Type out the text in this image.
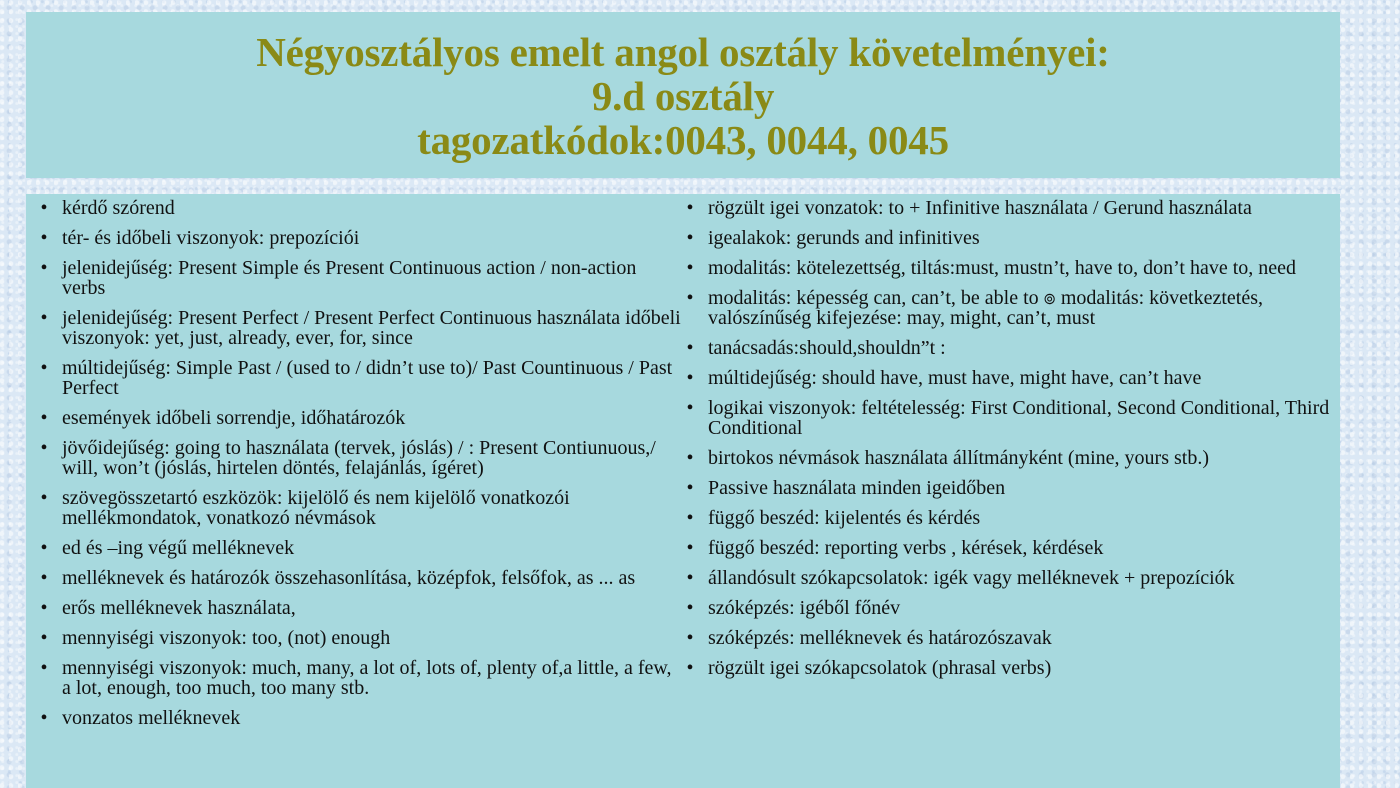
Négyosztályos emelt angol osztály követelményei:
9.d osztály
tagozatkódok:0043, 0044, 0045
• kérdő szórend
• tér- és időbeli viszonyok: prepozíciói
• jelenidejűség: Present Simple és Present Continuous action / non-action verbs
• jelenidejűség: Present Perfect / Present Perfect Continuous használata időbeli viszonyok: yet, just, already, ever, for, since
• múltidejűség: Simple Past / (used to / didn’t use to)/ Past Countinuous / Past Perfect
• események időbeli sorrendje, időhatározók
• jövőidejűség: going to használata (tervek, jóslás) / : Present Contiunuous,/ will, won’t (jóslás, hirtelen döntés, felajánlás, ígéret)
• szövegösszetartó eszközök: kijelölő és nem kijelölő vonatkozói mellékmondatok, vonatkozó névmások
• ed és –ing végű melléknevek
• melléknevek és határozók összehasonlítása, középfok, felsőfok, as ... as
• erős melléknevek használata,
• mennyiségi viszonyok: too, (not) enough
• mennyiségi viszonyok: much, many, a lot of, lots of, plenty of,a little, a few, a lot, enough, too much, too many stb.
• vonzatos melléknevek
• rögzült igei vonzatok: to + Infinitive használata / Gerund használata
• igealakok: gerunds and infinitives
• modalitás: kötelezettség, tiltás:must, mustn’t, have to, don’t have to, need
• modalitás: képesség can, can’t, be able to ๏ modalitás: következtetés, valószínűség kifejezése: may, might, can’t, must
• tanácsadás:should,shouldn”t :
• múltidejűség: should have, must have, might have, can’t have
• logikai viszonyok: feltételesség: First Conditional, Second Conditional, Third Conditional
• birtokos névmások használata állítmányként (mine, yours stb.)
• Passive használata minden igeidőben
• függő beszéd: kijelentés és kérdés
• függő beszéd: reporting verbs , kérések, kérdések
• állandósult szókapcsolatok: igék vagy melléknevek + prepozíciók
• szóképzés: igéből főnév
• szóképzés: melléknevek és határozószavak
• rögzült igei szókapcsolatok (phrasal verbs)
